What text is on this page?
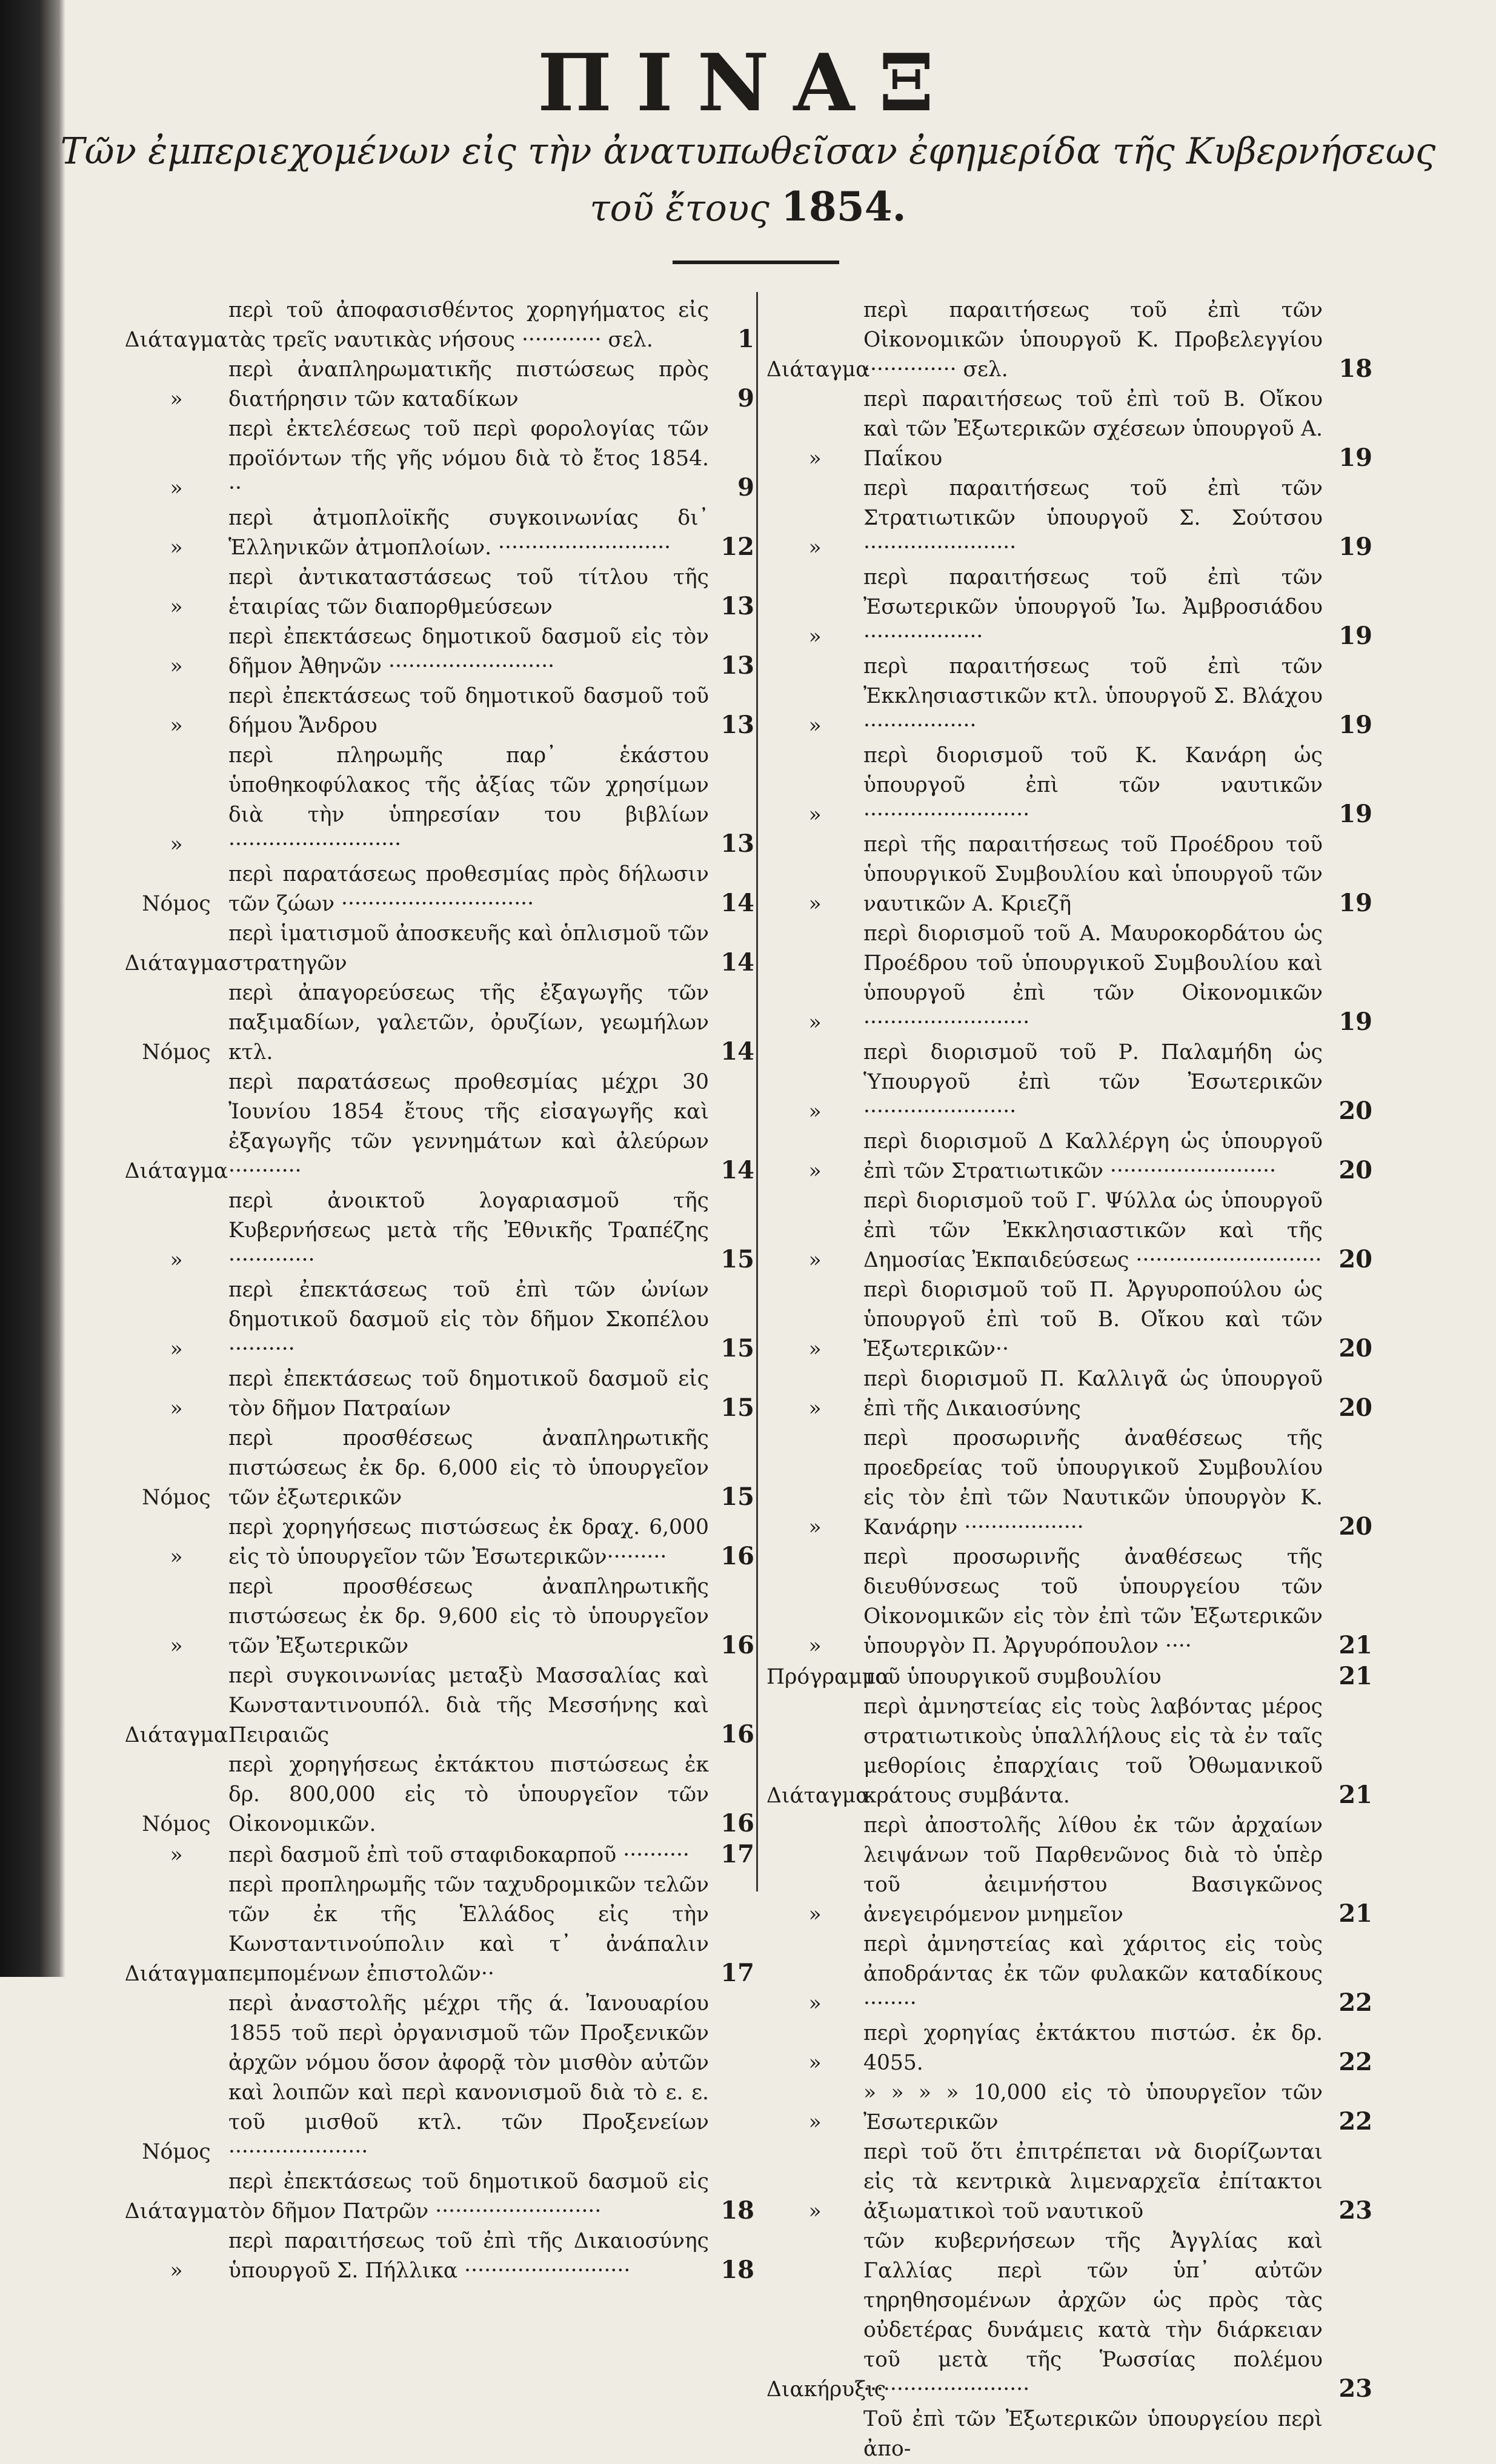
ΠΙΝΑΞ
Τῶν ἐμπεριεχομένων εἰς τὴν ἀνατυπωθεῖσαν ἐφημερίδα τῆς Κυβερνήσεως
τοῦ ἔτους 1854.
Διάταγμα
περὶ τοῦ ἀποφασισθέντος χορηγήματος εἰς τὰς τρεῖς ναυτικὰς νήσους ············ σελ.	1
»
περὶ ἀναπληρωματικῆς πιστώσεως πρὸς διατήρησιν τῶν καταδίκων	9
»
περὶ ἐκτελέσεως τοῦ περὶ φορολογίας τῶν προϊόντων τῆς γῆς νόμου διὰ τὸ ἔτος 1854. ··	9
»
περὶ ἀτμοπλοϊκῆς συγκοινωνίας δι᾽ Ἑλληνικῶν ἀτμοπλοίων. ··························	12
»
περὶ ἀντικαταστάσεως τοῦ τίτλου τῆς ἑταιρίας τῶν διαπορθμεύσεων	13
»
περὶ ἐπεκτάσεως δημοτικοῦ δασμοῦ εἰς τὸν δῆμον Ἀθηνῶν ·························	13
»
περὶ ἐπεκτάσεως τοῦ δημοτικοῦ δασμοῦ τοῦ δήμου Ἄνδρου	13
»
περὶ πληρωμῆς παρ᾽ ἑκάστου ὑποθηκοφύλακος τῆς ἀξίας τῶν χρησίμων διὰ τὴν ὑπηρεσίαν του βιβλίων ··························	13
Νόμος
περὶ παρατάσεως προθεσμίας πρὸς δήλωσιν τῶν ζώων ·····························	14
Διάταγμα
περὶ ἱματισμοῦ ἀποσκευῆς καὶ ὁπλισμοῦ τῶν στρατηγῶν	14
Νόμος
περὶ ἀπαγορεύσεως τῆς ἐξαγωγῆς τῶν παξιμαδίων, γαλετῶν, ὀρυζίων, γεωμήλων κτλ.	14
Διάταγμα
περὶ παρατάσεως προθεσμίας μέχρι 30 Ἰουνίου 1854 ἔτους τῆς εἰσαγωγῆς καὶ ἐξαγωγῆς τῶν γεννημάτων καὶ ἀλεύρων ···········	14
»
περὶ ἀνοικτοῦ λογαριασμοῦ τῆς Κυβερνήσεως μετὰ τῆς Ἐθνικῆς Τραπέζης ·············	15
»
περὶ ἐπεκτάσεως τοῦ ἐπὶ τῶν ὠνίων δημοτικοῦ δασμοῦ εἰς τὸν δῆμον Σκοπέλου ··········	15
»
περὶ ἐπεκτάσεως τοῦ δημοτικοῦ δασμοῦ εἰς τὸν δῆμον Πατραίων	15
Νόμος
περὶ προσθέσεως ἀναπληρωτικῆς πιστώσεως ἐκ δρ. 6,000 εἰς τὸ ὑπουργεῖον τῶν ἐξωτερικῶν	15
»
περὶ χορηγήσεως πιστώσεως ἐκ δραχ. 6,000 εἰς τὸ ὑπουργεῖον τῶν Ἐσωτερικῶν·········	16
»
περὶ προσθέσεως ἀναπληρωτικῆς πιστώσεως ἐκ δρ. 9,600 εἰς τὸ ὑπουργεῖον τῶν Ἐξωτερικῶν	16
Διάταγμα
περὶ συγκοινωνίας μεταξὺ Μασσαλίας καὶ Κωνσταντινουπόλ. διὰ τῆς Μεσσήνης καὶ Πειραιῶς	16
Νόμος
περὶ χορηγήσεως ἐκτάκτου πιστώσεως ἐκ δρ. 800,000 εἰς τὸ ὑπουργεῖον τῶν Οἰκονομικῶν.	16
»	περὶ δασμοῦ ἐπὶ τοῦ σταφιδοκαρποῦ ··········	17
Διάταγμα
περὶ προπληρωμῆς τῶν ταχυδρομικῶν τελῶν τῶν ἐκ τῆς Ἑλλάδος εἰς τὴν Κωνσταντινούπολιν καὶ τ᾽ ἀνάπαλιν πεμπομένων ἐπιστολῶν··	17
Νόμος
περὶ ἀναστολῆς μέχρι τῆς ά. Ἰανουαρίου 1855 τοῦ περὶ ὀργανισμοῦ τῶν Προξενικῶν ἀρχῶν νόμου ὅσον ἀφορᾷ τὸν μισθὸν αὐτῶν καὶ λοιπῶν καὶ περὶ κανονισμοῦ διὰ τὸ ε. ε. τοῦ μισθοῦ κτλ. τῶν Προξενείων ·····················
Διάταγμα
περὶ ἐπεκτάσεως τοῦ δημοτικοῦ δασμοῦ εἰς τὸν δῆμον Πατρῶν ·························	18
»
περὶ παραιτήσεως τοῦ ἐπὶ τῆς Δικαιοσύνης ὑπουργοῦ Σ. Πήλλικα ·························	18
Διάταγμα
περὶ παραιτήσεως τοῦ ἐπὶ τῶν Οἰκονομικῶν ὑπουργοῦ Κ. Προβελεγγίου ·············· σελ.	18
»
περὶ παραιτήσεως τοῦ ἐπὶ τοῦ Β. Οἴκου καὶ τῶν Ἐξωτερικῶν σχέσεων ὑπουργοῦ Α. Παΐκου	19
»
περὶ παραιτήσεως τοῦ ἐπὶ τῶν Στρατιωτικῶν ὑπουργοῦ Σ. Σούτσου ·······················	19
»
περὶ παραιτήσεως τοῦ ἐπὶ τῶν Ἐσωτερικῶν ὑπουργοῦ Ἰω. Ἀμβροσιάδου ··················	19
»
περὶ παραιτήσεως τοῦ ἐπὶ τῶν Ἐκκλησιαστικῶν κτλ. ὑπουργοῦ Σ. Βλάχου ·················	19
»
περὶ διορισμοῦ τοῦ Κ. Κανάρη ὡς ὑπουργοῦ ἐπὶ τῶν ναυτικῶν ·························	19
»
περὶ τῆς παραιτήσεως τοῦ Προέδρου τοῦ ὑπουργικοῦ Συμβουλίου καὶ ὑπουργοῦ τῶν ναυτικῶν Α. Κριεζῆ	19
»
περὶ διορισμοῦ τοῦ Α. Μαυροκορδάτου ὡς Προέδρου τοῦ ὑπουργικοῦ Συμβουλίου καὶ ὑπουργοῦ ἐπὶ τῶν Οἰκονομικῶν ·························	19
»
περὶ διορισμοῦ τοῦ Ρ. Παλαμήδη ὡς Ὑπουργοῦ ἐπὶ τῶν Ἐσωτερικῶν ·······················	20
»
περὶ διορισμοῦ Δ Καλλέργη ὡς ὑπουργοῦ ἐπὶ τῶν Στρατιωτικῶν ·························	20
»
περὶ διορισμοῦ τοῦ Γ. Ψύλλα ὡς ὑπουργοῦ ἐπὶ τῶν Ἐκκλησιαστικῶν καὶ τῆς Δημοσίας Ἐκπαιδεύσεως ···························· 20
»
περὶ διορισμοῦ τοῦ Π. Ἀργυροπούλου ὡς ὑπουργοῦ ἐπὶ τοῦ Β. Οἴκου καὶ τῶν Ἐξωτερικῶν··	20
»
περὶ διορισμοῦ Π. Καλλιγᾶ ὡς ὑπουργοῦ ἐπὶ τῆς Δικαιοσύνης	20
»
περὶ προσωρινῆς ἀναθέσεως τῆς προεδρείας τοῦ ὑπουργικοῦ Συμβουλίου εἰς τὸν ἐπὶ τῶν Ναυτικῶν ὑπουργὸν Κ. Κανάρην ··················	20
»
περὶ προσωρινῆς ἀναθέσεως τῆς διευθύνσεως τοῦ ὑπουργείου τῶν Οἰκονομικῶν εἰς τὸν ἐπὶ τῶν Ἐξωτερικῶν ὑπουργὸν Π. Ἀργυρόπουλον ····	21
Πρόγραμμα
τοῦ ὑπουργικοῦ συμβουλίου	21
Διάταγμα
περὶ ἀμνηστείας εἰς τοὺς λαβόντας μέρος στρατιωτικοὺς ὑπαλλήλους εἰς τὰ ἐν ταῖς μεθορίοις ἐπαρχίαις τοῦ Ὀθωμανικοῦ κράτους συμβάντα.	21
»
περὶ ἀποστολῆς λίθου ἐκ τῶν ἀρχαίων λειψάνων τοῦ Παρθενῶνος διὰ τὸ ὑπὲρ τοῦ ἀειμνήστου Βασιγκῶνος ἀνεγειρόμενον μνημεῖον	21
»
περὶ ἀμνηστείας καὶ χάριτος εἰς τοὺς ἀποδράντας ἐκ τῶν φυλακῶν καταδίκους ········	22
»
περὶ χορηγίας ἐκτάκτου πιστώσ. ἐκ δρ. 4055.	22
»
» » » » 10,000 εἰς τὸ ὑπουργεῖον τῶν Ἐσωτερικῶν	22
»
περὶ τοῦ ὅτι ἐπιτρέπεται νὰ διορίζωνται εἰς τὰ κεντρικὰ λιμεναρχεῖα ἐπίτακτοι ἀξιωματικοὶ τοῦ ναυτικοῦ	23
Διακήρυξις
τῶν κυβερνήσεων τῆς Ἀγγλίας καὶ Γαλλίας περὶ τῶν ὑπ᾽ αὐτῶν τηρηθησομένων ἀρχῶν ὡς πρὸς τὰς οὐδετέρας δυνάμεις κατὰ τὴν διάρκειαν τοῦ μετὰ τῆς Ῥωσσίας πολέμου ·························	23
Τοῦ ἐπὶ τῶν Ἐξωτερικῶν ὑπουργείου περὶ ἀπο-
